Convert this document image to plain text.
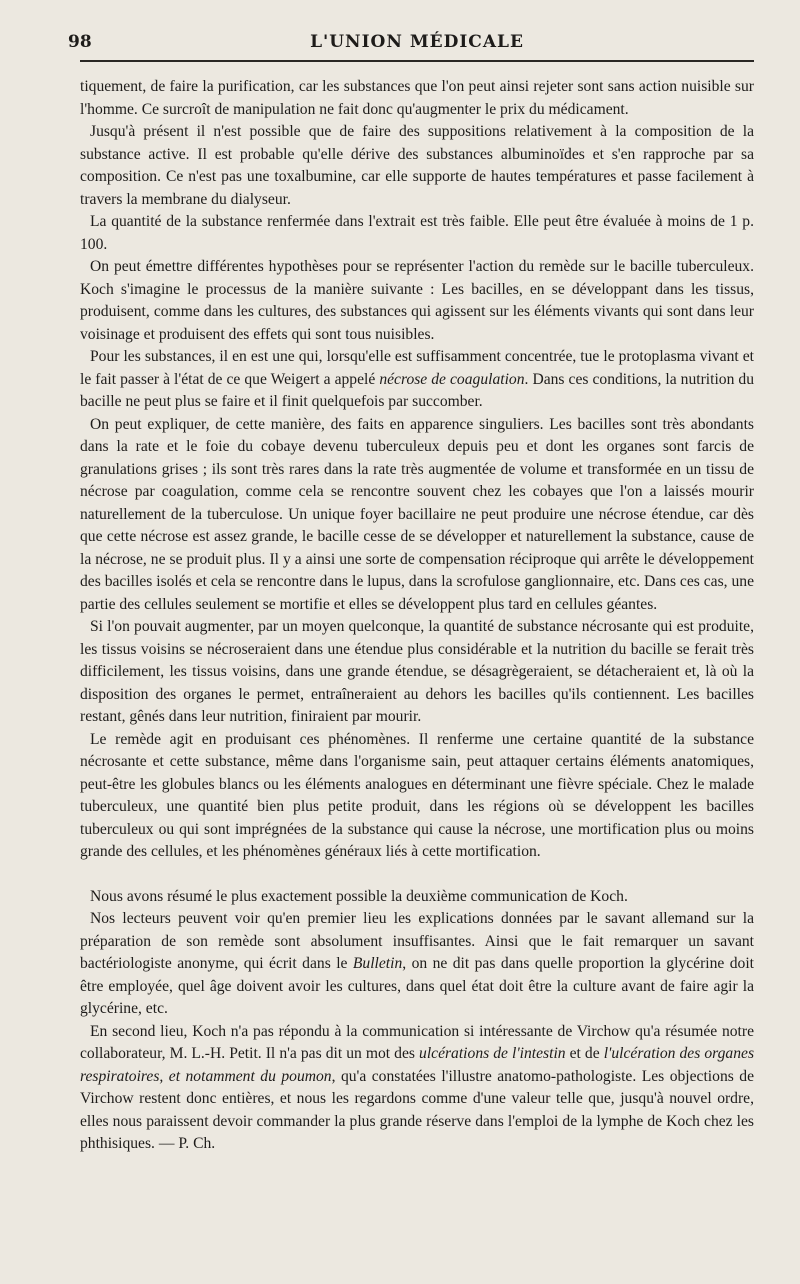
98	L'UNION MÉDICALE

tiquement, de faire la purification, car les substances que l'on peut ainsi rejeter sont sans action nuisible sur l'homme. Ce surcroît de manipulation ne fait donc qu'augmenter le prix du médicament.

Jusqu'à présent il n'est possible que de faire des suppositions relativement à la composition de la substance active. Il est probable qu'elle dérive des substances albuminoïdes et s'en rapproche par sa composition. Ce n'est pas une toxalbumine, car elle supporte de hautes températures et passe facilement à travers la membrane du dialyseur.

La quantité de la substance renfermée dans l'extrait est très faible. Elle peut être évaluée à moins de 1 p. 100.

On peut émettre différentes hypothèses pour se représenter l'action du remède sur le bacille tuberculeux. Koch s'imagine le processus de la manière suivante : Les bacilles, en se développant dans les tissus, produisent, comme dans les cultures, des substances qui agissent sur les éléments vivants qui sont dans leur voisinage et produisent des effets qui sont tous nuisibles.

Pour les substances, il en est une qui, lorsqu'elle est suffisamment concentrée, tue le protoplasma vivant et le fait passer à l'état de ce que Weigert a appelé nécrose de coagulation. Dans ces conditions, la nutrition du bacille ne peut plus se faire et il finit quelquefois par succomber.

On peut expliquer, de cette manière, des faits en apparence singuliers. Les bacilles sont très abondants dans la rate et le foie du cobaye devenu tuberculeux depuis peu et dont les organes sont farcis de granulations grises ; ils sont très rares dans la rate très augmentée de volume et transformée en un tissu de nécrose par coagulation, comme cela se rencontre souvent chez les cobayes que l'on a laissés mourir naturellement de la tuberculose. Un unique foyer bacillaire ne peut produire une nécrose étendue, car dès que cette nécrose est assez grande, le bacille cesse de se développer et naturellement la substance, cause de la nécrose, ne se produit plus. Il y a ainsi une sorte de compensation réciproque qui arrête le développement des bacilles isolés et cela se rencontre dans le lupus, dans la scrofulose ganglionnaire, etc. Dans ces cas, une partie des cellules seulement se mortifie et elles se développent plus tard en cellules géantes.

Si l'on pouvait augmenter, par un moyen quelconque, la quantité de substance nécrosante qui est produite, les tissus voisins se nécroseraient dans une étendue plus considérable et la nutrition du bacille se ferait très difficilement, les tissus voisins, dans une grande étendue, se désagrègeraient, se détacheraient et, là où la disposition des organes le permet, entraîneraient au dehors les bacilles qu'ils contiennent. Les bacilles restant, gênés dans leur nutrition, finiraient par mourir.

Le remède agit en produisant ces phénomènes. Il renferme une certaine quantité de la substance nécrosante et cette substance, même dans l'organisme sain, peut attaquer certains éléments anatomiques, peut-être les globules blancs ou les éléments analogues en déterminant une fièvre spéciale. Chez le malade tuberculeux, une quantité bien plus petite produit, dans les régions où se développent les bacilles tuberculeux ou qui sont imprégnées de la substance qui cause la nécrose, une mortification plus ou moins grande des cellules, et les phénomènes généraux liés à cette mortification.

Nous avons résumé le plus exactement possible la deuxième communication de Koch.

Nos lecteurs peuvent voir qu'en premier lieu les explications données par le savant allemand sur la préparation de son remède sont absolument insuffisantes. Ainsi que le fait remarquer un savant bactériologiste anonyme, qui écrit dans le Bulletin, on ne dit pas dans quelle proportion la glycérine doit être employée, quel âge doivent avoir les cultures, dans quel état doit être la culture avant de faire agir la glycérine, etc.

En second lieu, Koch n'a pas répondu à la communication si intéressante de Virchow qu'a résumée notre collaborateur, M. L.-H. Petit. Il n'a pas dit un mot des ulcérations de l'intestin et de l'ulcération des organes respiratoires, et notamment du poumon, qu'a constatées l'illustre anatomo-pathologiste. Les objections de Virchow restent donc entières, et nous les regardons comme d'une valeur telle que, jusqu'à nouvel ordre, elles nous paraissent devoir commander la plus grande réserve dans l'emploi de la lymphe de Koch chez les phthisiques. — P. Ch.
